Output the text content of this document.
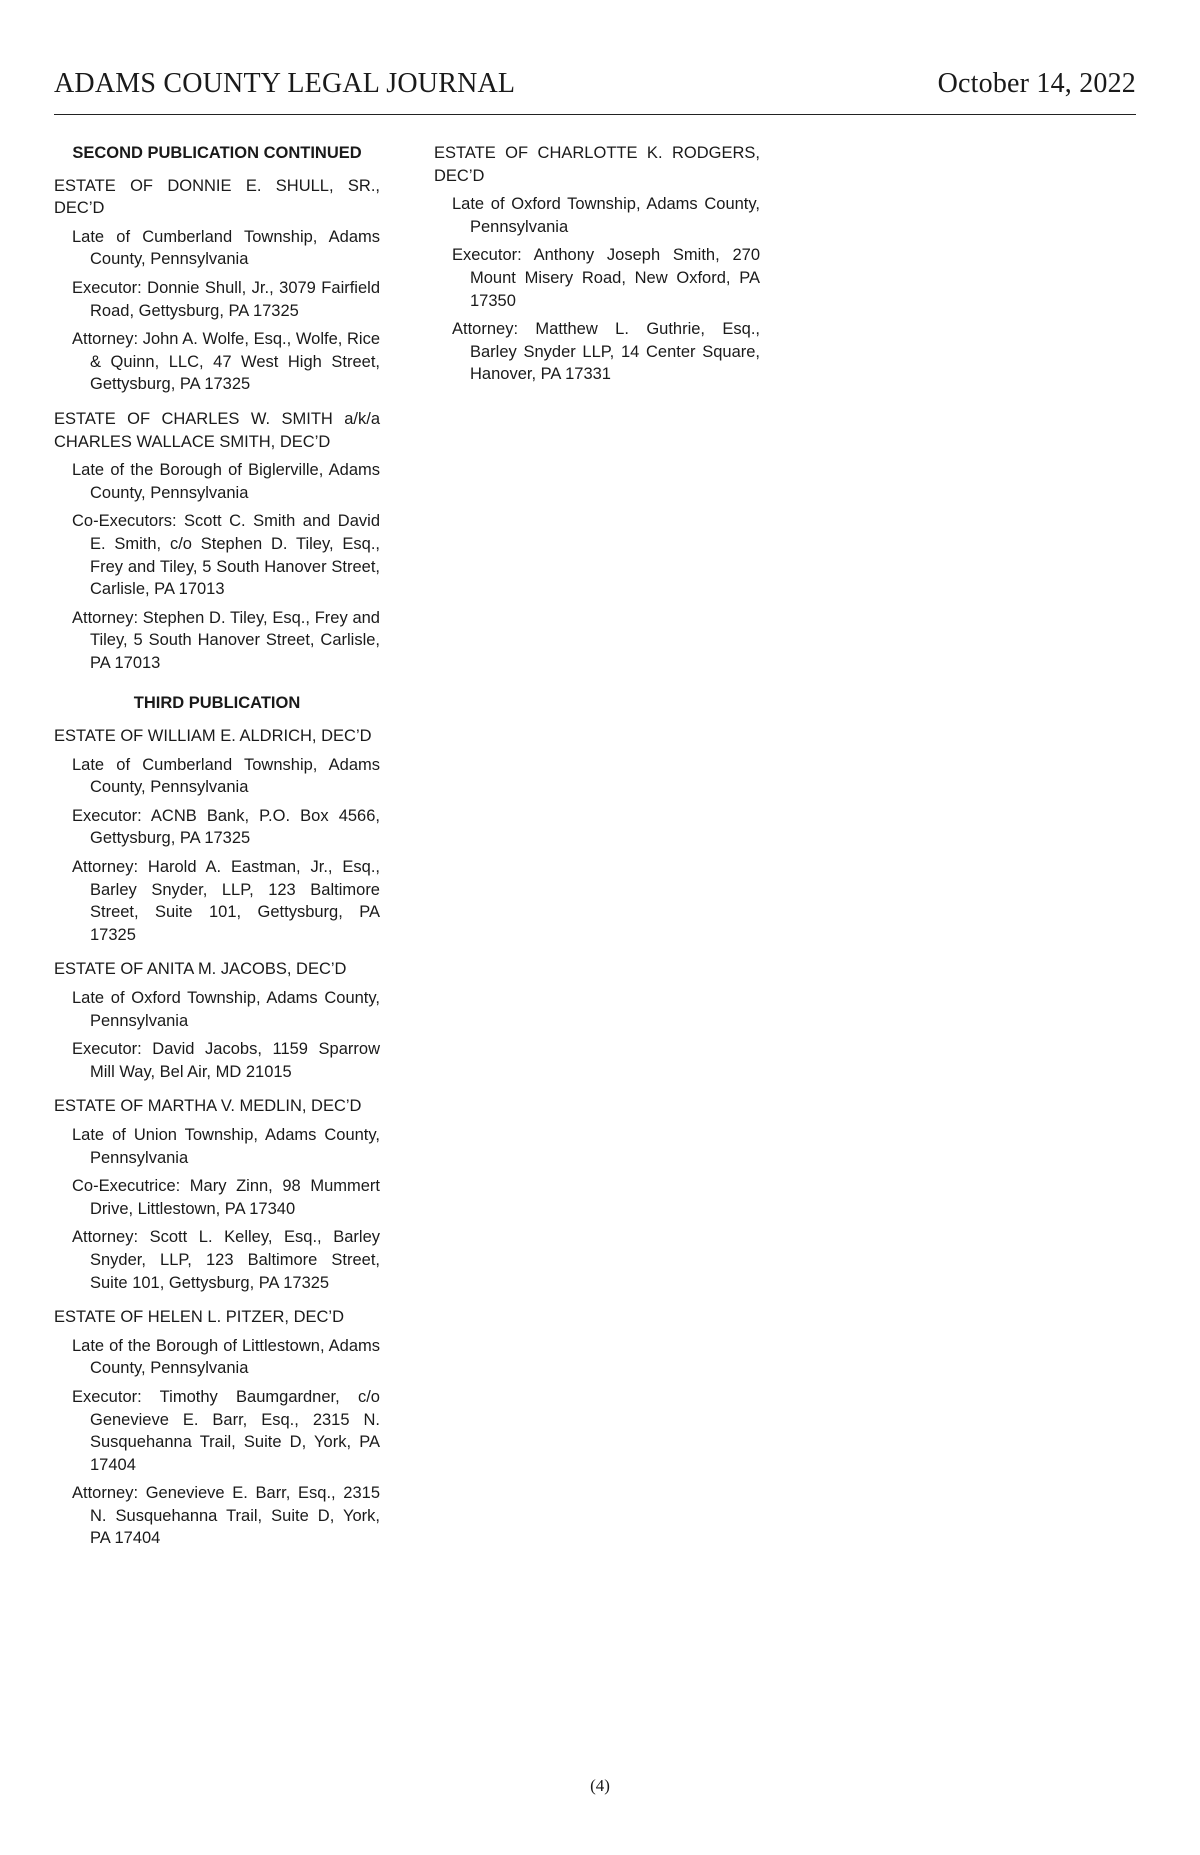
ADAMS COUNTY LEGAL JOURNAL	October 14, 2022
SECOND PUBLICATION CONTINUED
ESTATE OF DONNIE E. SHULL, SR., DEC’D
Late of Cumberland Township, Adams County, Pennsylvania
Executor: Donnie Shull, Jr., 3079 Fairfield Road, Gettysburg, PA 17325
Attorney: John A. Wolfe, Esq., Wolfe, Rice & Quinn, LLC, 47 West High Street, Gettysburg, PA 17325
ESTATE OF CHARLES W. SMITH a/k/a CHARLES WALLACE SMITH, DEC’D
Late of the Borough of Biglerville, Adams County, Pennsylvania
Co-Executors: Scott C. Smith and David E. Smith, c/o Stephen D. Tiley, Esq., Frey and Tiley, 5 South Hanover Street, Carlisle, PA 17013
Attorney: Stephen D. Tiley, Esq., Frey and Tiley, 5 South Hanover Street, Carlisle, PA 17013
THIRD PUBLICATION
ESTATE OF WILLIAM E. ALDRICH, DEC’D
Late of Cumberland Township, Adams County, Pennsylvania
Executor: ACNB Bank, P.O. Box 4566, Gettysburg, PA 17325
Attorney: Harold A. Eastman, Jr., Esq., Barley Snyder, LLP, 123 Baltimore Street, Suite 101, Gettysburg, PA 17325
ESTATE OF ANITA M. JACOBS, DEC’D
Late of Oxford Township, Adams County, Pennsylvania
Executor: David Jacobs, 1159 Sparrow Mill Way, Bel Air, MD 21015
ESTATE OF MARTHA V. MEDLIN, DEC’D
Late of Union Township, Adams County, Pennsylvania
Co-Executrice: Mary Zinn, 98 Mummert Drive, Littlestown, PA 17340
Attorney: Scott L. Kelley, Esq., Barley Snyder, LLP, 123 Baltimore Street, Suite 101, Gettysburg, PA 17325
ESTATE OF HELEN L. PITZER, DEC’D
Late of the Borough of Littlestown, Adams County, Pennsylvania
Executor: Timothy Baumgardner, c/o Genevieve E. Barr, Esq., 2315 N. Susquehanna Trail, Suite D, York, PA 17404
Attorney: Genevieve E. Barr, Esq., 2315 N. Susquehanna Trail, Suite D, York, PA 17404
ESTATE OF CHARLOTTE K. RODGERS, DEC’D
Late of Oxford Township, Adams County, Pennsylvania
Executor: Anthony Joseph Smith, 270 Mount Misery Road, New Oxford, PA 17350
Attorney: Matthew L. Guthrie, Esq., Barley Snyder LLP, 14 Center Square, Hanover, PA 17331
(4)
